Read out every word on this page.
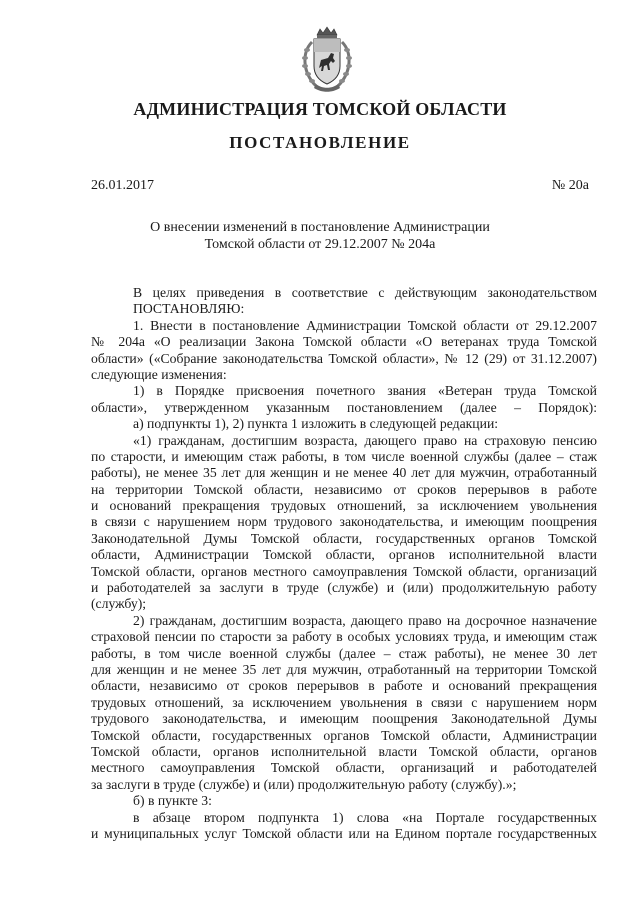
АДМИНИСТРАЦИЯ ТОМСКОЙ ОБЛАСТИ
ПОСТАНОВЛЕНИЕ
26.01.2017	№ 20а
О внесении изменений в постановление Администрации
Томской области от 29.12.2007 № 204а
В целях приведения в соответствие с действующим законодательством
ПОСТАНОВЛЯЮ:
1. Внести в постановление Администрации Томской области от 29.12.2007
№ 204а «О реализации Закона Томской области «О ветеранах труда Томской
области» («Собрание законодательства Томской области», № 12 (29) от 31.12.2007)
следующие изменения:
1) в Порядке присвоения почетного звания «Ветеран труда Томской
области», утвержденном указанным постановлением (далее – Порядок):
а) подпункты 1), 2) пункта 1 изложить в следующей редакции:
«1) гражданам, достигшим возраста, дающего право на страховую пенсию
по старости, и имеющим стаж работы, в том числе военной службы (далее – стаж
работы), не менее 35 лет для женщин и не менее 40 лет для мужчин, отработанный
на территории Томской области, независимо от сроков перерывов в работе
и оснований прекращения трудовых отношений, за исключением увольнения
в связи с нарушением норм трудового законодательства, и имеющим поощрения
Законодательной Думы Томской области, государственных органов Томской
области, Администрации Томской области, органов исполнительной власти
Томской области, органов местного самоуправления Томской области, организаций
и работодателей за заслуги в труде (службе) и (или) продолжительную работу
(службу);
2) гражданам, достигшим возраста, дающего право на досрочное назначение
страховой пенсии по старости за работу в особых условиях труда, и имеющим стаж
работы, в том числе военной службы (далее – стаж работы), не менее 30 лет
для женщин и не менее 35 лет для мужчин, отработанный на территории Томской
области, независимо от сроков перерывов в работе и оснований прекращения
трудовых отношений, за исключением увольнения в связи с нарушением норм
трудового законодательства, и имеющим поощрения Законодательной Думы
Томской области, государственных органов Томской области, Администрации
Томской области, органов исполнительной власти Томской области, органов
местного самоуправления Томской области, организаций и работодателей
за заслуги в труде (службе) и (или) продолжительную работу (службу).»;
б) в пункте 3:
в абзаце втором подпункта 1) слова «на Портале государственных
и муниципальных услуг Томской области или на Едином портале государственных
